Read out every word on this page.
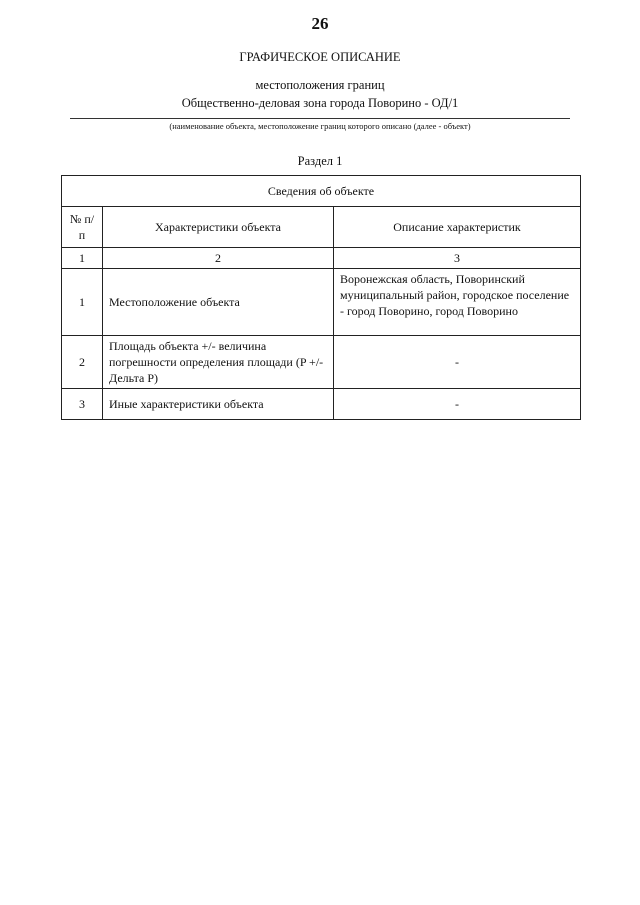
26
ГРАФИЧЕСКОЕ ОПИСАНИЕ
местоположения границ
Общественно-деловая зона города Поворино - ОД/1
(наименование объекта, местоположение границ которого описано (далее - объект)
Раздел 1
Сведения об объекте		
№ п/п	Характеристики объекта	Описание характеристик
1	2	3
1	Местоположение объекта	Воронежская область, Поворинский муниципальный район, городское поселение - город Поворино, город Поворино
2	Площадь объекта +/- величина погрешности определения площади (P +/- Дельта P)	-
3	Иные характеристики объекта	-
